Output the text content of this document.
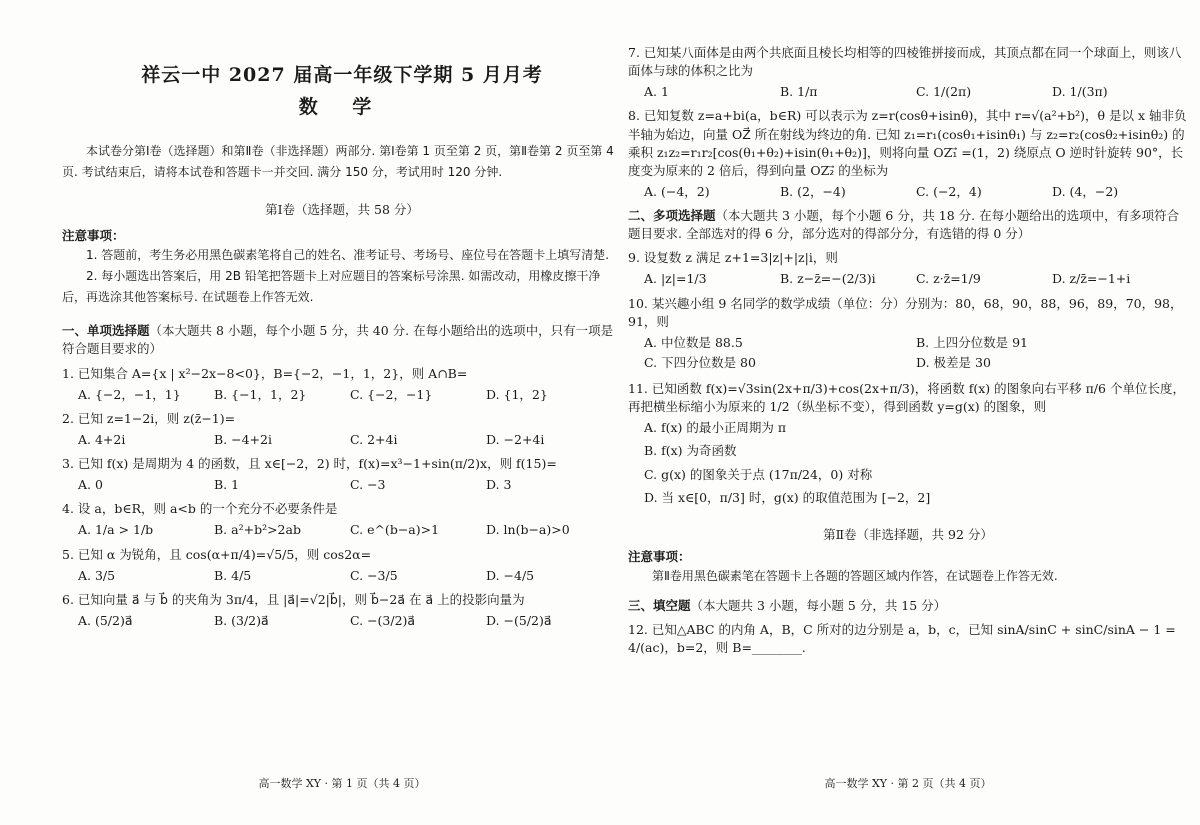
祥云一中 2027 届高一年级下学期 5 月月考
数 学
本试卷分第Ⅰ卷（选择题）和第Ⅱ卷（非选择题）两部分. 第Ⅰ卷第 1 页至第 2 页，第Ⅱ卷第 2 页至第 4 页. 考试结束后，请将本试卷和答题卡一并交回. 满分 150 分，考试用时 120 分钟.
第Ⅰ卷（选择题，共 58 分）
注意事项：
1. 答题前，考生务必用黑色碳素笔将自己的姓名、准考证号、考场号、座位号在答题卡上填写清楚.
2. 每小题选出答案后，用 2B 铅笔把答题卡上对应题目的答案标号涂黑. 如需改动，用橡皮擦干净后，再选涂其他答案标号. 在试题卷上作答无效.
一、单项选择题（本大题共 8 小题，每个小题 5 分，共 40 分. 在每小题给出的选项中，只有一项是符合题目要求的）
1. 已知集合 A={x | x²−2x−8<0}，B={−2，−1，1，2}，则 A∩B=
A. {−2，−1，1}	B. {−1，1，2}	C. {−2，−1}	D. {1，2}
2. 已知 z=1−2i，则 z(z̄−1)=
A. 4+2i	B. −4+2i	C. 2+4i	D. −2+4i
3. 已知 f(x) 是周期为 4 的函数，且 x∈[−2，2) 时，f(x)=x³−1+sin(π/2)x，则 f(15)=
A. 0	B. 1	C. −3	D. 3
4. 设 a，b∈R，则 a<b 的一个充分不必要条件是
A. 1/a > 1/b	B. a²+b²>2ab	C. e^(b−a)>1	D. ln(b−a)>0
5. 已知 α 为锐角，且 cos(α+π/4)=√5/5，则 cos2α=
A. 3/5	B. 4/5	C. −3/5	D. −4/5
6. 已知向量 a⃗ 与 b⃗ 的夹角为 3π/4，且 |a⃗|=√2|b⃗|，则 b⃗−2a⃗ 在 a⃗ 上的投影向量为
A. (5/2)a⃗	B. (3/2)a⃗	C. −(3/2)a⃗	D. −(5/2)a⃗
高一数学 XY · 第 1 页（共 4 页）
7. 已知某八面体是由两个共底面且棱长均相等的四棱锥拼接而成，其顶点都在同一个球面上，则该八面体与球的体积之比为
A. 1	B. 1/π	C. 1/(2π)	D. 1/(3π)
8. 已知复数 z=a+bi(a，b∈R) 可以表示为 z=r(cosθ+isinθ)，其中 r=√(a²+b²)，θ 是以 x 轴非负半轴为始边，向量 OZ⃗ 所在射线为终边的角. 已知 z₁=r₁(cosθ₁+isinθ₁) 与 z₂=r₂(cosθ₂+isinθ₂) 的乘积 z₁z₂=r₁r₂[cos(θ₁+θ₂)+isin(θ₁+θ₂)]，则将向量 OZ₁⃗ =(1，2) 绕原点 O 逆时针旋转 90°，长度变为原来的 2 倍后，得到向量 OZ₂⃗ 的坐标为
A. (−4，2)	B. (2，−4)	C. (−2，4)	D. (4，−2)
二、多项选择题（本大题共 3 小题，每个小题 6 分，共 18 分. 在每小题给出的选项中，有多项符合题目要求. 全部选对的得 6 分，部分选对的得部分分，有选错的得 0 分）
9. 设复数 z 满足 z+1=3|z|+|z|i，则
A. |z|=1/3	B. z−z̄=−(2/3)i	C. z·z̄=1/9	D. z/z̄=−1+i
10. 某兴趣小组 9 名同学的数学成绩（单位：分）分别为：80，68，90，88，96，89，70，98，91，则
A. 中位数是 88.5	B. 上四分位数是 91
C. 下四分位数是 80	D. 极差是 30
11. 已知函数 f(x)=√3sin(2x+π/3)+cos(2x+π/3)，将函数 f(x) 的图象向右平移 π/6 个单位长度，再把横坐标缩小为原来的 1/2（纵坐标不变），得到函数 y=g(x) 的图象，则
A. f(x) 的最小正周期为 π
B. f(x) 为奇函数
C. g(x) 的图象关于点 (17π/24，0) 对称
D. 当 x∈[0，π/3] 时，g(x) 的取值范围为 [−2，2]
第Ⅱ卷（非选择题，共 92 分）
注意事项：
第Ⅱ卷用黑色碳素笔在答题卡上各题的答题区域内作答，在试题卷上作答无效.
三、填空题（本大题共 3 小题，每小题 5 分，共 15 分）
12. 已知△ABC 的内角 A，B，C 所对的边分别是 a，b，c，已知 sinA/sinC + sinC/sinA − 1 = 4/(ac)，b=2，则 B=________.
高一数学 XY · 第 2 页（共 4 页）
